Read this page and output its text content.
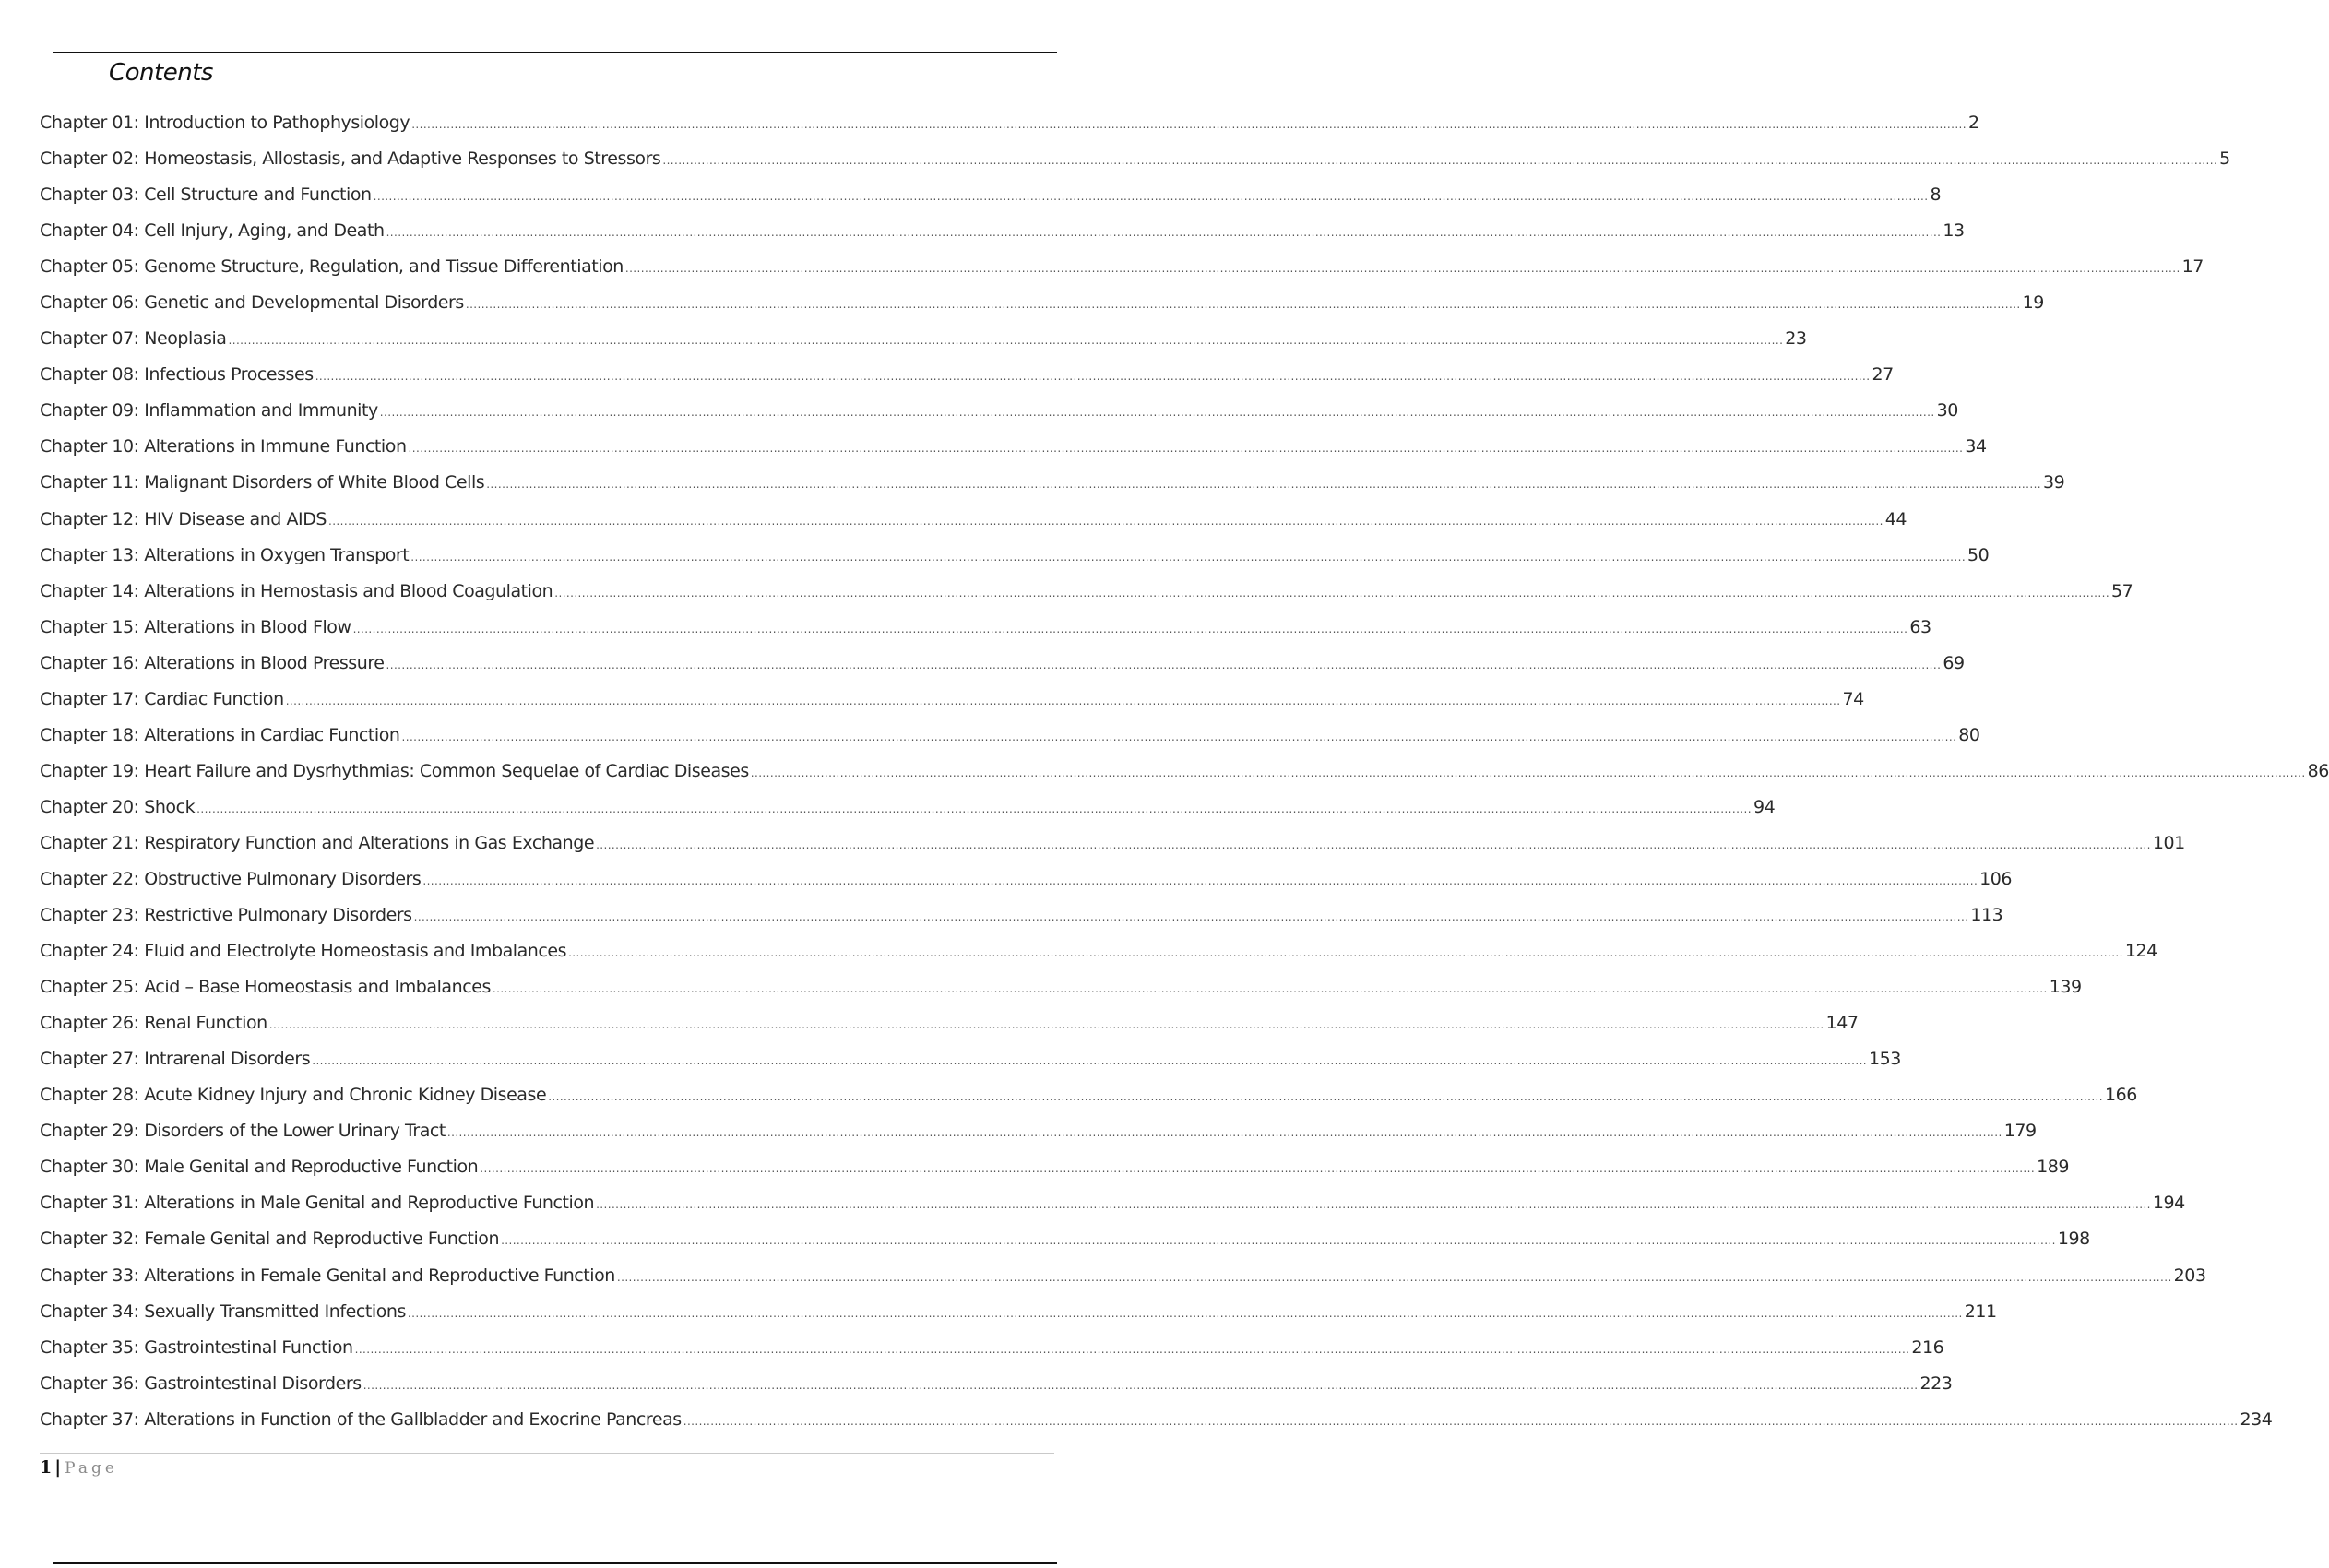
Contents
Chapter 01: Introduction to Pathophysiology ................................................................................................................................................................................................................................................................................................................................................................................................................ 2
Chapter 02: Homeostasis, Allostasis, and Adaptive Responses to Stressors ................................................................................................................................................................................................................................................................................................................................................................................................................ 5
Chapter 03: Cell Structure and Function ................................................................................................................................................................................................................................................................................................................................................................................................................ 8
Chapter 04: Cell Injury, Aging, and Death ................................................................................................................................................................................................................................................................................................................................................................................................................ 13
Chapter 05: Genome Structure, Regulation, and Tissue Differentiation ................................................................................................................................................................................................................................................................................................................................................................................................................ 17
Chapter 06: Genetic and Developmental Disorders ................................................................................................................................................................................................................................................................................................................................................................................................................ 19
Chapter 07: Neoplasia ................................................................................................................................................................................................................................................................................................................................................................................................................ 23
Chapter 08: Infectious Processes ................................................................................................................................................................................................................................................................................................................................................................................................................ 27
Chapter 09: Inflammation and Immunity ................................................................................................................................................................................................................................................................................................................................................................................................................ 30
Chapter 10: Alterations in Immune Function ................................................................................................................................................................................................................................................................................................................................................................................................................ 34
Chapter 11: Malignant Disorders of White Blood Cells ................................................................................................................................................................................................................................................................................................................................................................................................................ 39
Chapter 12: HIV Disease and AIDS ................................................................................................................................................................................................................................................................................................................................................................................................................ 44
Chapter 13: Alterations in Oxygen Transport ................................................................................................................................................................................................................................................................................................................................................................................................................ 50
Chapter 14: Alterations in Hemostasis and Blood Coagulation ................................................................................................................................................................................................................................................................................................................................................................................................................ 57
Chapter 15: Alterations in Blood Flow ................................................................................................................................................................................................................................................................................................................................................................................................................ 63
Chapter 16: Alterations in Blood Pressure ................................................................................................................................................................................................................................................................................................................................................................................................................ 69
Chapter 17: Cardiac Function ................................................................................................................................................................................................................................................................................................................................................................................................................ 74
Chapter 18: Alterations in Cardiac Function ................................................................................................................................................................................................................................................................................................................................................................................................................ 80
Chapter 19: Heart Failure and Dysrhythmias: Common Sequelae of Cardiac Diseases ................................................................................................................................................................................................................................................................................................................................................................................................................ 86
Chapter 20: Shock ................................................................................................................................................................................................................................................................................................................................................................................................................ 94
Chapter 21: Respiratory Function and Alterations in Gas Exchange ................................................................................................................................................................................................................................................................................................................................................................................................................ 101
Chapter 22: Obstructive Pulmonary Disorders ................................................................................................................................................................................................................................................................................................................................................................................................................ 106
Chapter 23: Restrictive Pulmonary Disorders ................................................................................................................................................................................................................................................................................................................................................................................................................ 113
Chapter 24: Fluid and Electrolyte Homeostasis and Imbalances ................................................................................................................................................................................................................................................................................................................................................................................................................ 124
Chapter 25: Acid – Base Homeostasis and Imbalances ................................................................................................................................................................................................................................................................................................................................................................................................................ 139
Chapter 26: Renal Function ................................................................................................................................................................................................................................................................................................................................................................................................................ 147
Chapter 27: Intrarenal Disorders ................................................................................................................................................................................................................................................................................................................................................................................................................ 153
Chapter 28: Acute Kidney Injury and Chronic Kidney Disease ................................................................................................................................................................................................................................................................................................................................................................................................................ 166
Chapter 29: Disorders of the Lower Urinary Tract ................................................................................................................................................................................................................................................................................................................................................................................................................ 179
Chapter 30: Male Genital and Reproductive Function ................................................................................................................................................................................................................................................................................................................................................................................................................ 189
Chapter 31: Alterations in Male Genital and Reproductive Function ................................................................................................................................................................................................................................................................................................................................................................................................................ 194
Chapter 32: Female Genital and Reproductive Function ................................................................................................................................................................................................................................................................................................................................................................................................................ 198
Chapter 33: Alterations in Female Genital and Reproductive Function ................................................................................................................................................................................................................................................................................................................................................................................................................ 203
Chapter 34: Sexually Transmitted Infections ................................................................................................................................................................................................................................................................................................................................................................................................................ 211
Chapter 35: Gastrointestinal Function ................................................................................................................................................................................................................................................................................................................................................................................................................ 216
Chapter 36: Gastrointestinal Disorders ................................................................................................................................................................................................................................................................................................................................................................................................................ 223
Chapter 37: Alterations in Function of the Gallbladder and Exocrine Pancreas ................................................................................................................................................................................................................................................................................................................................................................................................................ 234
1 | Page
